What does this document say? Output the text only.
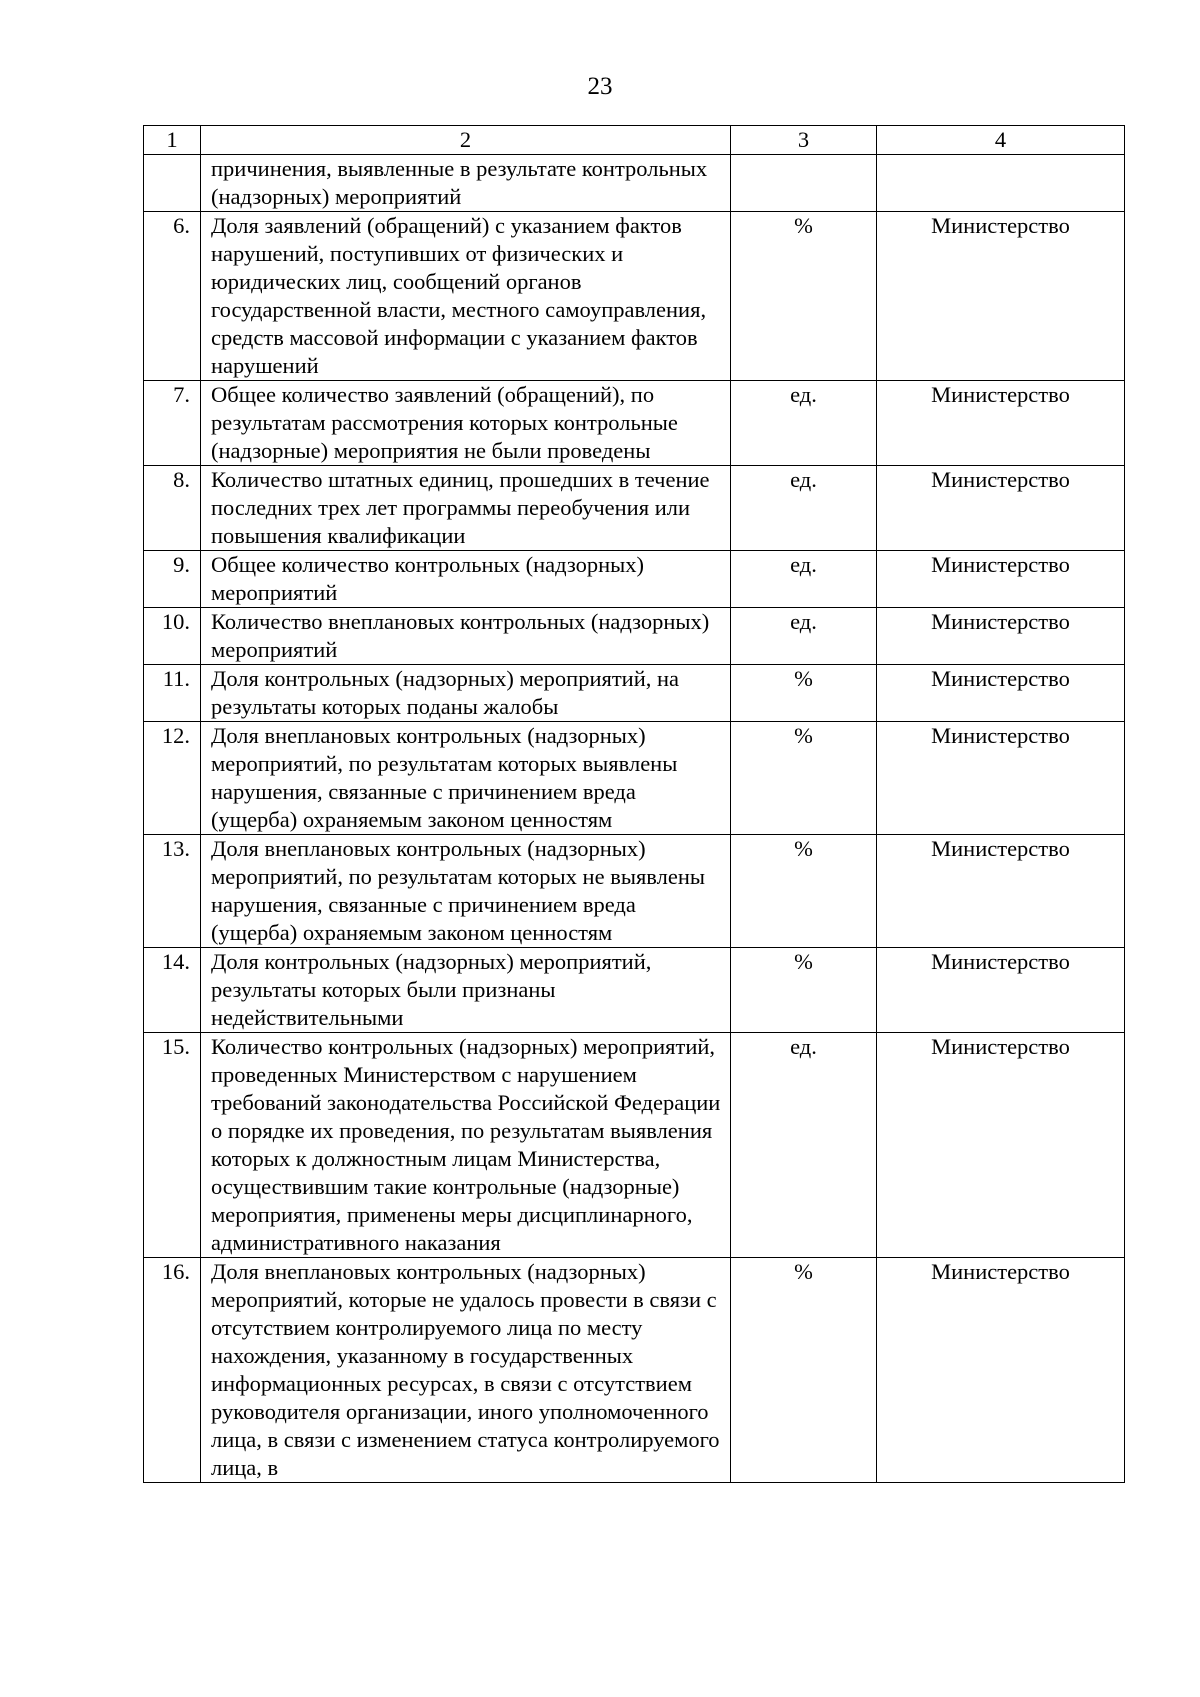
23
1	2	3	4
	причинения, выявленные в результате контрольных (надзорных) мероприятий		
6.	Доля заявлений (обращений) с указанием фактов нарушений, поступивших от физических и юридических лиц, сообщений органов государственной власти, местного самоуправления, средств массовой информации с указанием фактов нарушений	%	Министерство
7.	Общее количество заявлений (обращений), по результатам рассмотрения которых контрольные (надзорные) мероприятия не были проведены	ед.	Министерство
8.	Количество штатных единиц, прошедших в течение последних трех лет программы переобучения или повышения квалификации	ед.	Министерство
9.	Общее количество контрольных (надзорных) мероприятий	ед.	Министерство
10.	Количество внеплановых контрольных (надзорных) мероприятий	ед.	Министерство
11.	Доля контрольных (надзорных) мероприятий, на результаты которых поданы жалобы	%	Министерство
12.	Доля внеплановых контрольных (надзорных) мероприятий, по результатам которых выявлены нарушения, связанные с причинением вреда (ущерба) охраняемым законом ценностям	%	Министерство
13.	Доля внеплановых контрольных (надзорных) мероприятий, по результатам которых не выявлены нарушения, связанные с причинением вреда (ущерба) охраняемым законом ценностям	%	Министерство
14.	Доля контрольных (надзорных) мероприятий, результаты которых были признаны недействительными	%	Министерство
15.	Количество контрольных (надзорных) мероприятий, проведенных Министерством с нарушением требований законодательства Российской Федерации о порядке их проведения, по результатам выявления которых к должностным лицам Министерства, осуществившим такие контрольные (надзорные) мероприятия, применены меры дисциплинарного, административного наказания	ед.	Министерство
16.	Доля внеплановых контрольных (надзорных) мероприятий, которые не удалось провести в связи с отсутствием контролируемого лица по месту нахождения, указанному в государственных информационных ресурсах, в связи с отсутствием руководителя организации, иного уполномоченного лица, в связи с изменением статуса контролируемого лица, в	%	Министерство
